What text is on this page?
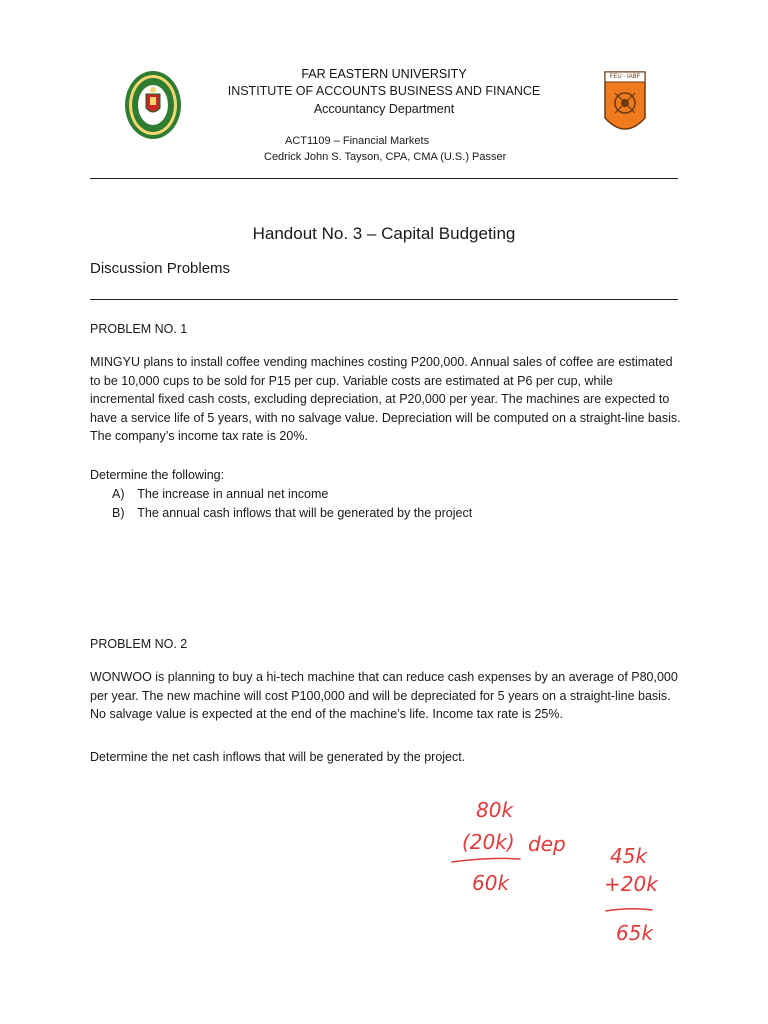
FEU · IABF
FAR EASTERN UNIVERSITY
INSTITUTE OF ACCOUNTS BUSINESS AND FINANCE
Accountancy Department
ACT1109 – Financial Markets
Cedrick John S. Tayson, CPA, CMA (U.S.) Passer
Handout No. 3 – Capital Budgeting
Discussion Problems
PROBLEM NO. 1
MINGYU plans to install coffee vending machines costing P200,000. Annual sales of coffee are estimated
to be 10,000 cups to be sold for P15 per cup. Variable costs are estimated at P6 per cup, while
incremental fixed cash costs, excluding depreciation, at P20,000 per year. The machines are expected to
have a service life of 5 years, with no salvage value. Depreciation will be computed on a straight-line basis.
The company’s income tax rate is 20%.
Determine the following:
A) The increase in annual net income
B) The annual cash inflows that will be generated by the project
PROBLEM NO. 2
WONWOO is planning to buy a hi-tech machine that can reduce cash expenses by an average of P80,000
per year. The new machine will cost P100,000 and will be depreciated for 5 years on a straight-line basis.
No salvage value is expected at the end of the machine’s life. Income tax rate is 25%.
Determine the net cash inflows that will be generated by the project.
80k
(20k) dep
60k
45k
+20k
65k
